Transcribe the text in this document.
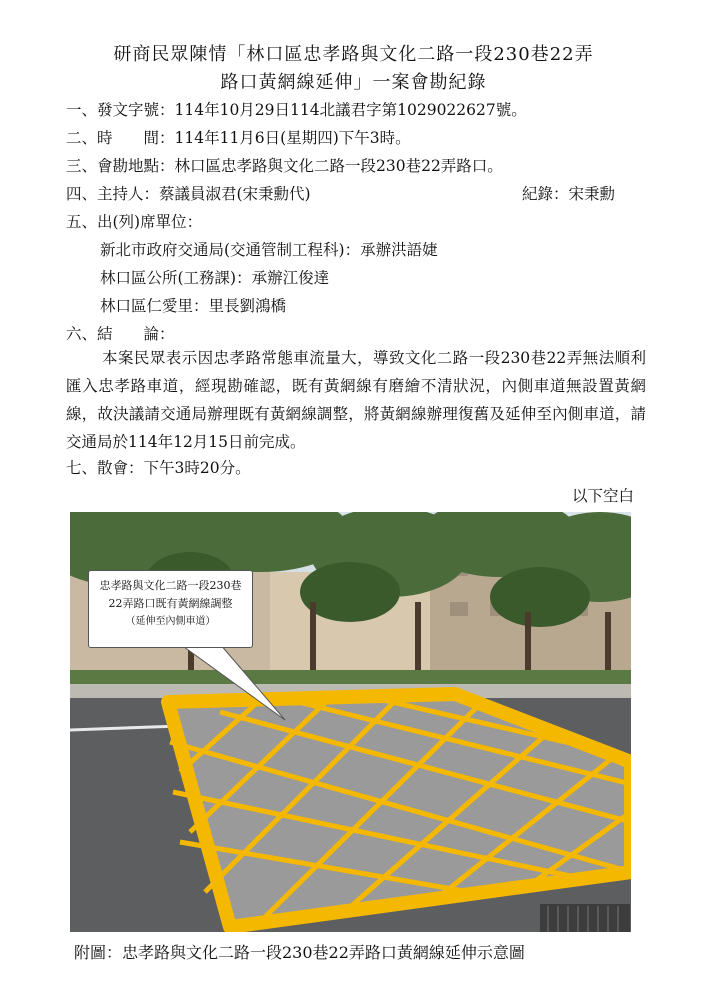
研商民眾陳情「林口區忠孝路與文化二路一段230巷22弄
路口黃網線延伸」一案會勘紀錄
一、發文字號：114年10月29日114北議君字第1029022627號。
二、時　　間：114年11月6日(星期四)下午3時。
三、會勘地點：林口區忠孝路與文化二路一段230巷22弄路口。
四、主持人：蔡議員淑君(宋秉勳代)	紀錄：宋秉勳
五、出(列)席單位：
新北市政府交通局(交通管制工程科)：承辦洪語婕
林口區公所(工務課)：承辦江俊達
林口區仁愛里：里長劉鴻橋
六、結　　論：
本案民眾表示因忠孝路常態車流量大，導致文化二路一段230巷22弄無法順利匯入忠孝路車道，經現勘確認，既有黃網線有磨繪不清狀況，內側車道無設置黃網線，故決議請交通局辦理既有黃網線調整，將黃網線辦理復舊及延伸至內側車道，請交通局於114年12月15日前完成。
七、散會：下午3時20分。
以下空白
忠孝路與文化二路一段230巷
22弄路口既有黃網線調整
（延伸至內側車道）
附圖：忠孝路與文化二路一段230巷22弄路口黃網線延伸示意圖
